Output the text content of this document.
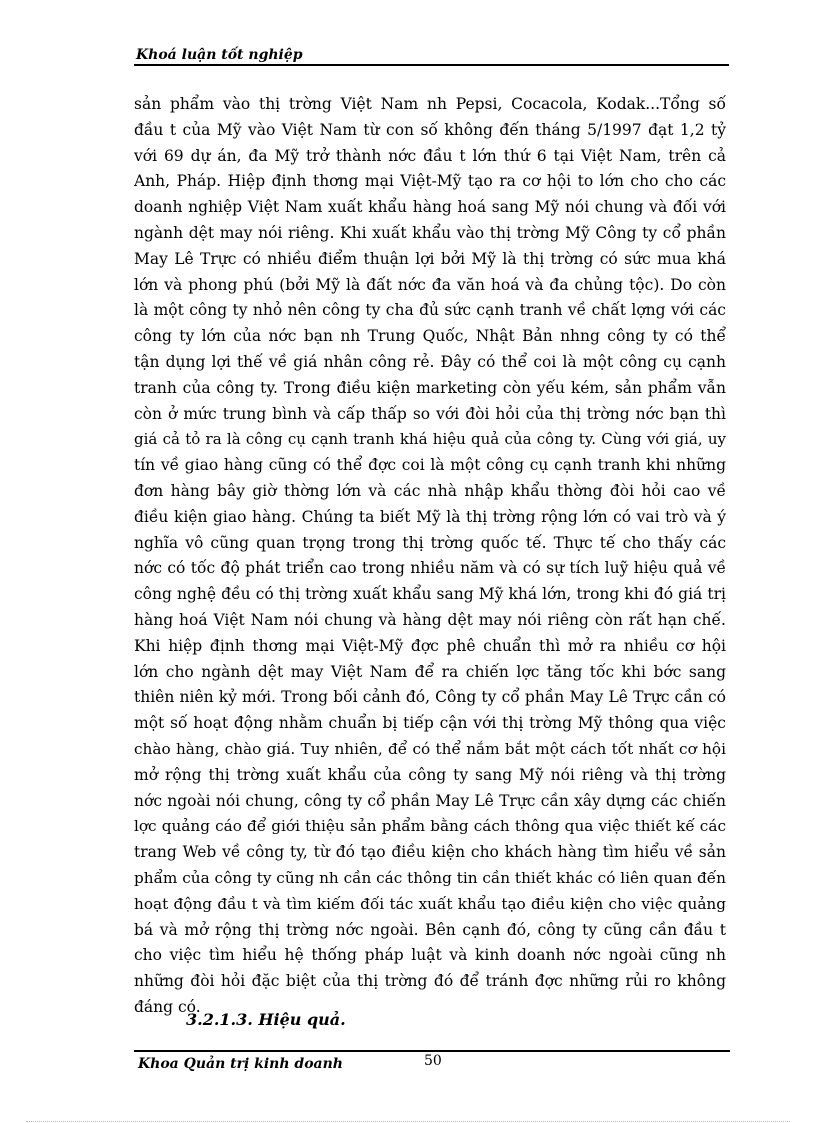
Khoá luận tốt nghiệp
sản phẩm vào thị trờng Việt Nam nh Pepsi, Cocacola, Kodak...Tổng số
đầu t của Mỹ vào Việt Nam từ con số không đến tháng 5/1997 đạt 1,2 tỷ
với 69 dự án, đa Mỹ trở thành nớc đầu t lớn thứ 6 tại Việt Nam, trên cả
Anh, Pháp. Hiệp định thơng mại Việt-Mỹ tạo ra cơ hội to lớn cho cho các
doanh nghiệp Việt Nam xuất khẩu hàng hoá sang Mỹ nói chung và đối với
ngành dệt may nói riêng. Khi xuất khẩu vào thị trờng Mỹ Công ty cổ phần
May Lê Trực có nhiều điểm thuận lợi bởi Mỹ là thị trờng có sức mua khá
lớn và phong phú (bởi Mỹ là đất nớc đa văn hoá và đa chủng tộc). Do còn
là một công ty nhỏ nên công ty cha đủ sức cạnh tranh về chất lợng với các
công ty lớn của nớc bạn nh Trung Quốc, Nhật Bản nhng công ty có thể
tận dụng lợi thế về giá nhân công rẻ. Đây có thể coi là một công cụ cạnh
tranh của công ty. Trong điều kiện marketing còn yếu kém, sản phẩm vẫn
còn ở mức trung bình và cấp thấp so với đòi hỏi của thị trờng nớc bạn thì
giá cả tỏ ra là công cụ cạnh tranh khá hiệu quả của công ty. Cùng với giá, uy
tín về giao hàng cũng có thể đợc coi là một công cụ cạnh tranh khi những
đơn hàng bây giờ thờng lớn và các nhà nhập khẩu thờng đòi hỏi cao về
điều kiện giao hàng. Chúng ta biết Mỹ là thị trờng rộng lớn có vai trò và ý
nghĩa vô cũng quan trọng trong thị trờng quốc tế. Thực tế cho thấy các
nớc có tốc độ phát triển cao trong nhiều năm và có sự tích luỹ hiệu quả về
công nghệ đều có thị trờng xuất khẩu sang Mỹ khá lớn, trong khi đó giá trị
hàng hoá Việt Nam nói chung và hàng dệt may nói riêng còn rất hạn chế.
Khi hiệp định thơng mại Việt-Mỹ đợc phê chuẩn thì mở ra nhiều cơ hội
lớn cho ngành dệt may Việt Nam để ra chiến lợc tăng tốc khi bớc sang
thiên niên kỷ mới. Trong bối cảnh đó, Công ty cổ phần May Lê Trực cần có
một số hoạt động nhằm chuẩn bị tiếp cận với thị trờng Mỹ thông qua việc
chào hàng, chào giá. Tuy nhiên, để có thể nắm bắt một cách tốt nhất cơ hội
mở rộng thị trờng xuất khẩu của công ty sang Mỹ nói riêng và thị trờng
nớc ngoài nói chung, công ty cổ phần May Lê Trực cần xây dựng các chiến
lợc quảng cáo để giới thiệu sản phẩm bằng cách thông qua việc thiết kế các
trang Web về công ty, từ đó tạo điều kiện cho khách hàng tìm hiểu về sản
phẩm của công ty cũng nh cần các thông tin cần thiết khác có liên quan đến
hoạt động đầu t và tìm kiếm đối tác xuất khẩu tạo điều kiện cho việc quảng
bá và mở rộng thị trờng nớc ngoài. Bên cạnh đó, công ty cũng cần đầu t
cho việc tìm hiểu hệ thống pháp luật và kinh doanh nớc ngoài cũng nh
những đòi hỏi đặc biệt của thị trờng đó để tránh đợc những rủi ro không
đáng có.
3.2.1.3. Hiệu quả.
Khoa Quản trị kinh doanh	50
